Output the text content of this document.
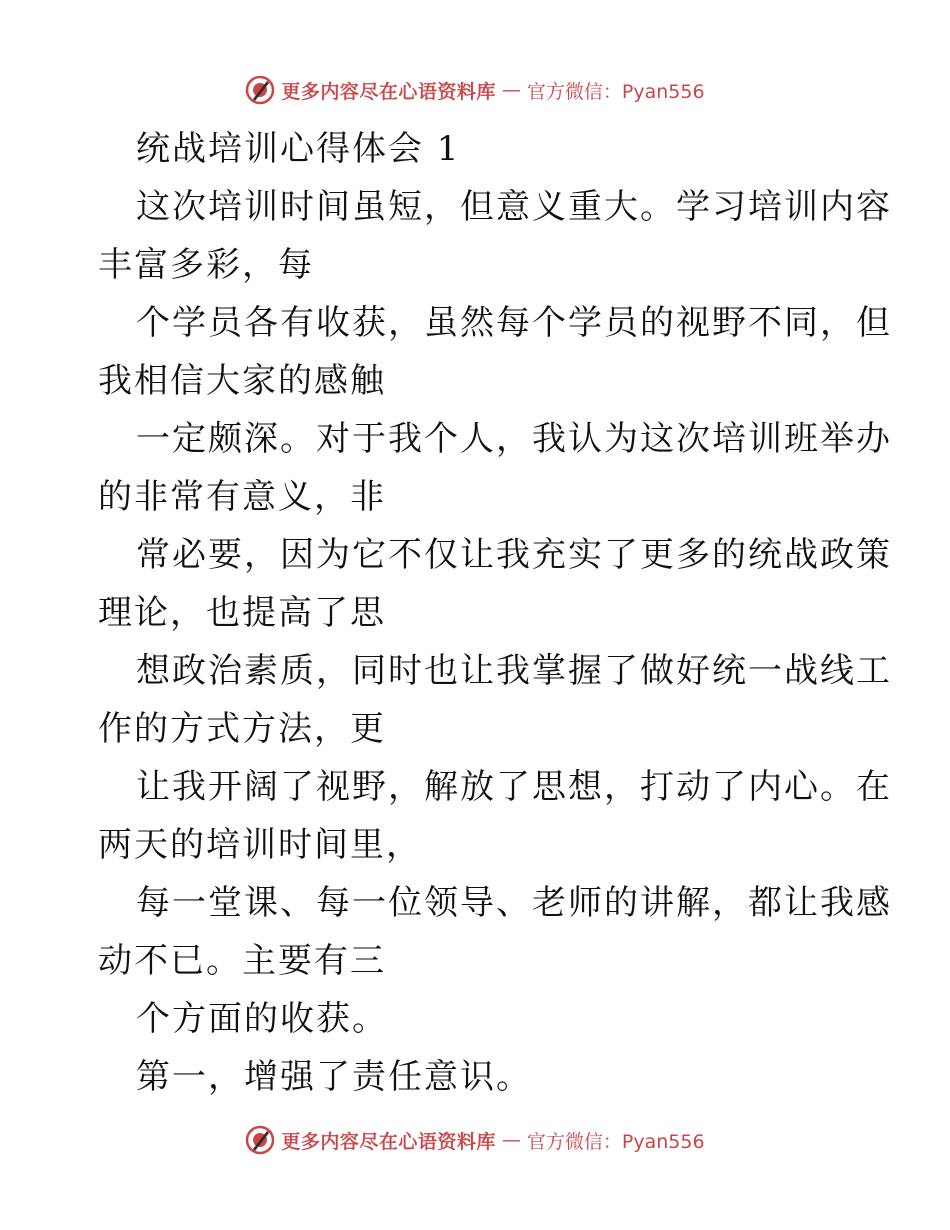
更多内容尽在心语资料库 — 官方微信：Pyan556
统战培训心得体会 1
这次培训时间虽短，但意义重大。学习培训内容
丰富多彩，每
个学员各有收获，虽然每个学员的视野不同，但
我相信大家的感触
一定颇深。对于我个人，我认为这次培训班举办
的非常有意义，非
常必要，因为它不仅让我充实了更多的统战政策
理论，也提高了思
想政治素质，同时也让我掌握了做好统一战线工
作的方式方法，更
让我开阔了视野，解放了思想，打动了内心。在
两天的培训时间里，
每一堂课、每一位领导、老师的讲解，都让我感
动不已。主要有三
个方面的收获。
第一，增强了责任意识。
更多内容尽在心语资料库 — 官方微信：Pyan556
